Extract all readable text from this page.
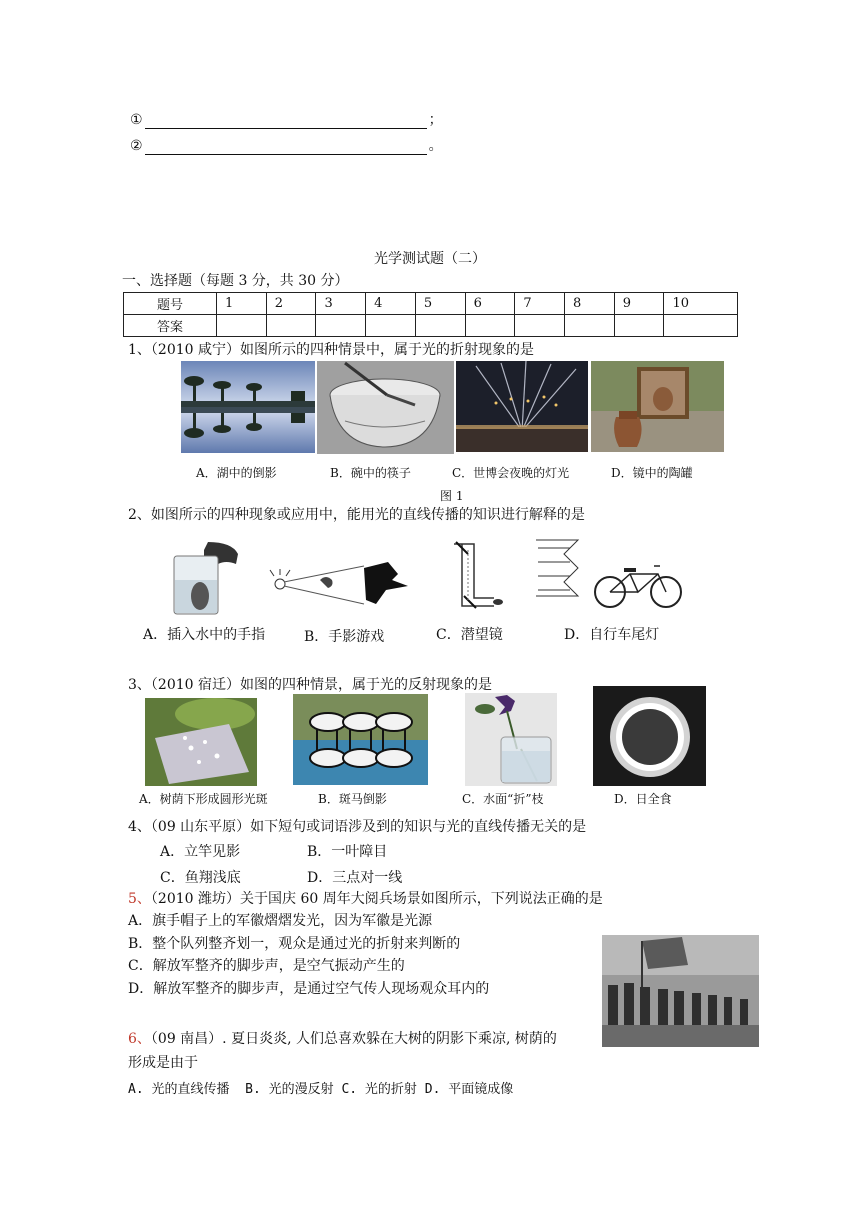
①	；
②	。
光学测试题（二）
一、选择题（每题 3 分，共 30 分）
题号	1	2	3	4	5	6	7	8	9	10
答案										
1、（2010 咸宁）如图所示的四种情景中，属于光的折射现象的是
A．湖中的倒影	B．碗中的筷子	C．世博会夜晚的灯光	D．镜中的陶罐
图 1
2、如图所示的四种现象或应用中，能用光的直线传播的知识进行解释的是
A．插入水中的手指	B．手影游戏	C．潜望镜	D．自行车尾灯
3、（2010 宿迁）如图的四种情景，属于光的反射现象的是
A．树荫下形成圆形光斑	B．斑马倒影	C．水面“折”枝	D．日全食
4、（09 山东平原）如下短句或词语涉及到的知识与光的直线传播无关的是
A．立竿见影	B．一叶障目
C．鱼翔浅底	D．三点对一线
5、（2010 潍坊）关于国庆 60 周年大阅兵场景如图所示，下列说法正确的是
A．旗手帽子上的军徽熠熠发光，因为军徽是光源
B．整个队列整齐划一，观众是通过光的折射来判断的
C．解放军整齐的脚步声，是空气振动产生的
D．解放军整齐的脚步声，是通过空气传人现场观众耳内的
6、（09 南昌）. 夏日炎炎, 人们总喜欢躲在大树的阴影下乘凉, 树荫的
形成是由于
A. 光的直线传播  B. 光的漫反射 C. 光的折射 D. 平面镜成像
